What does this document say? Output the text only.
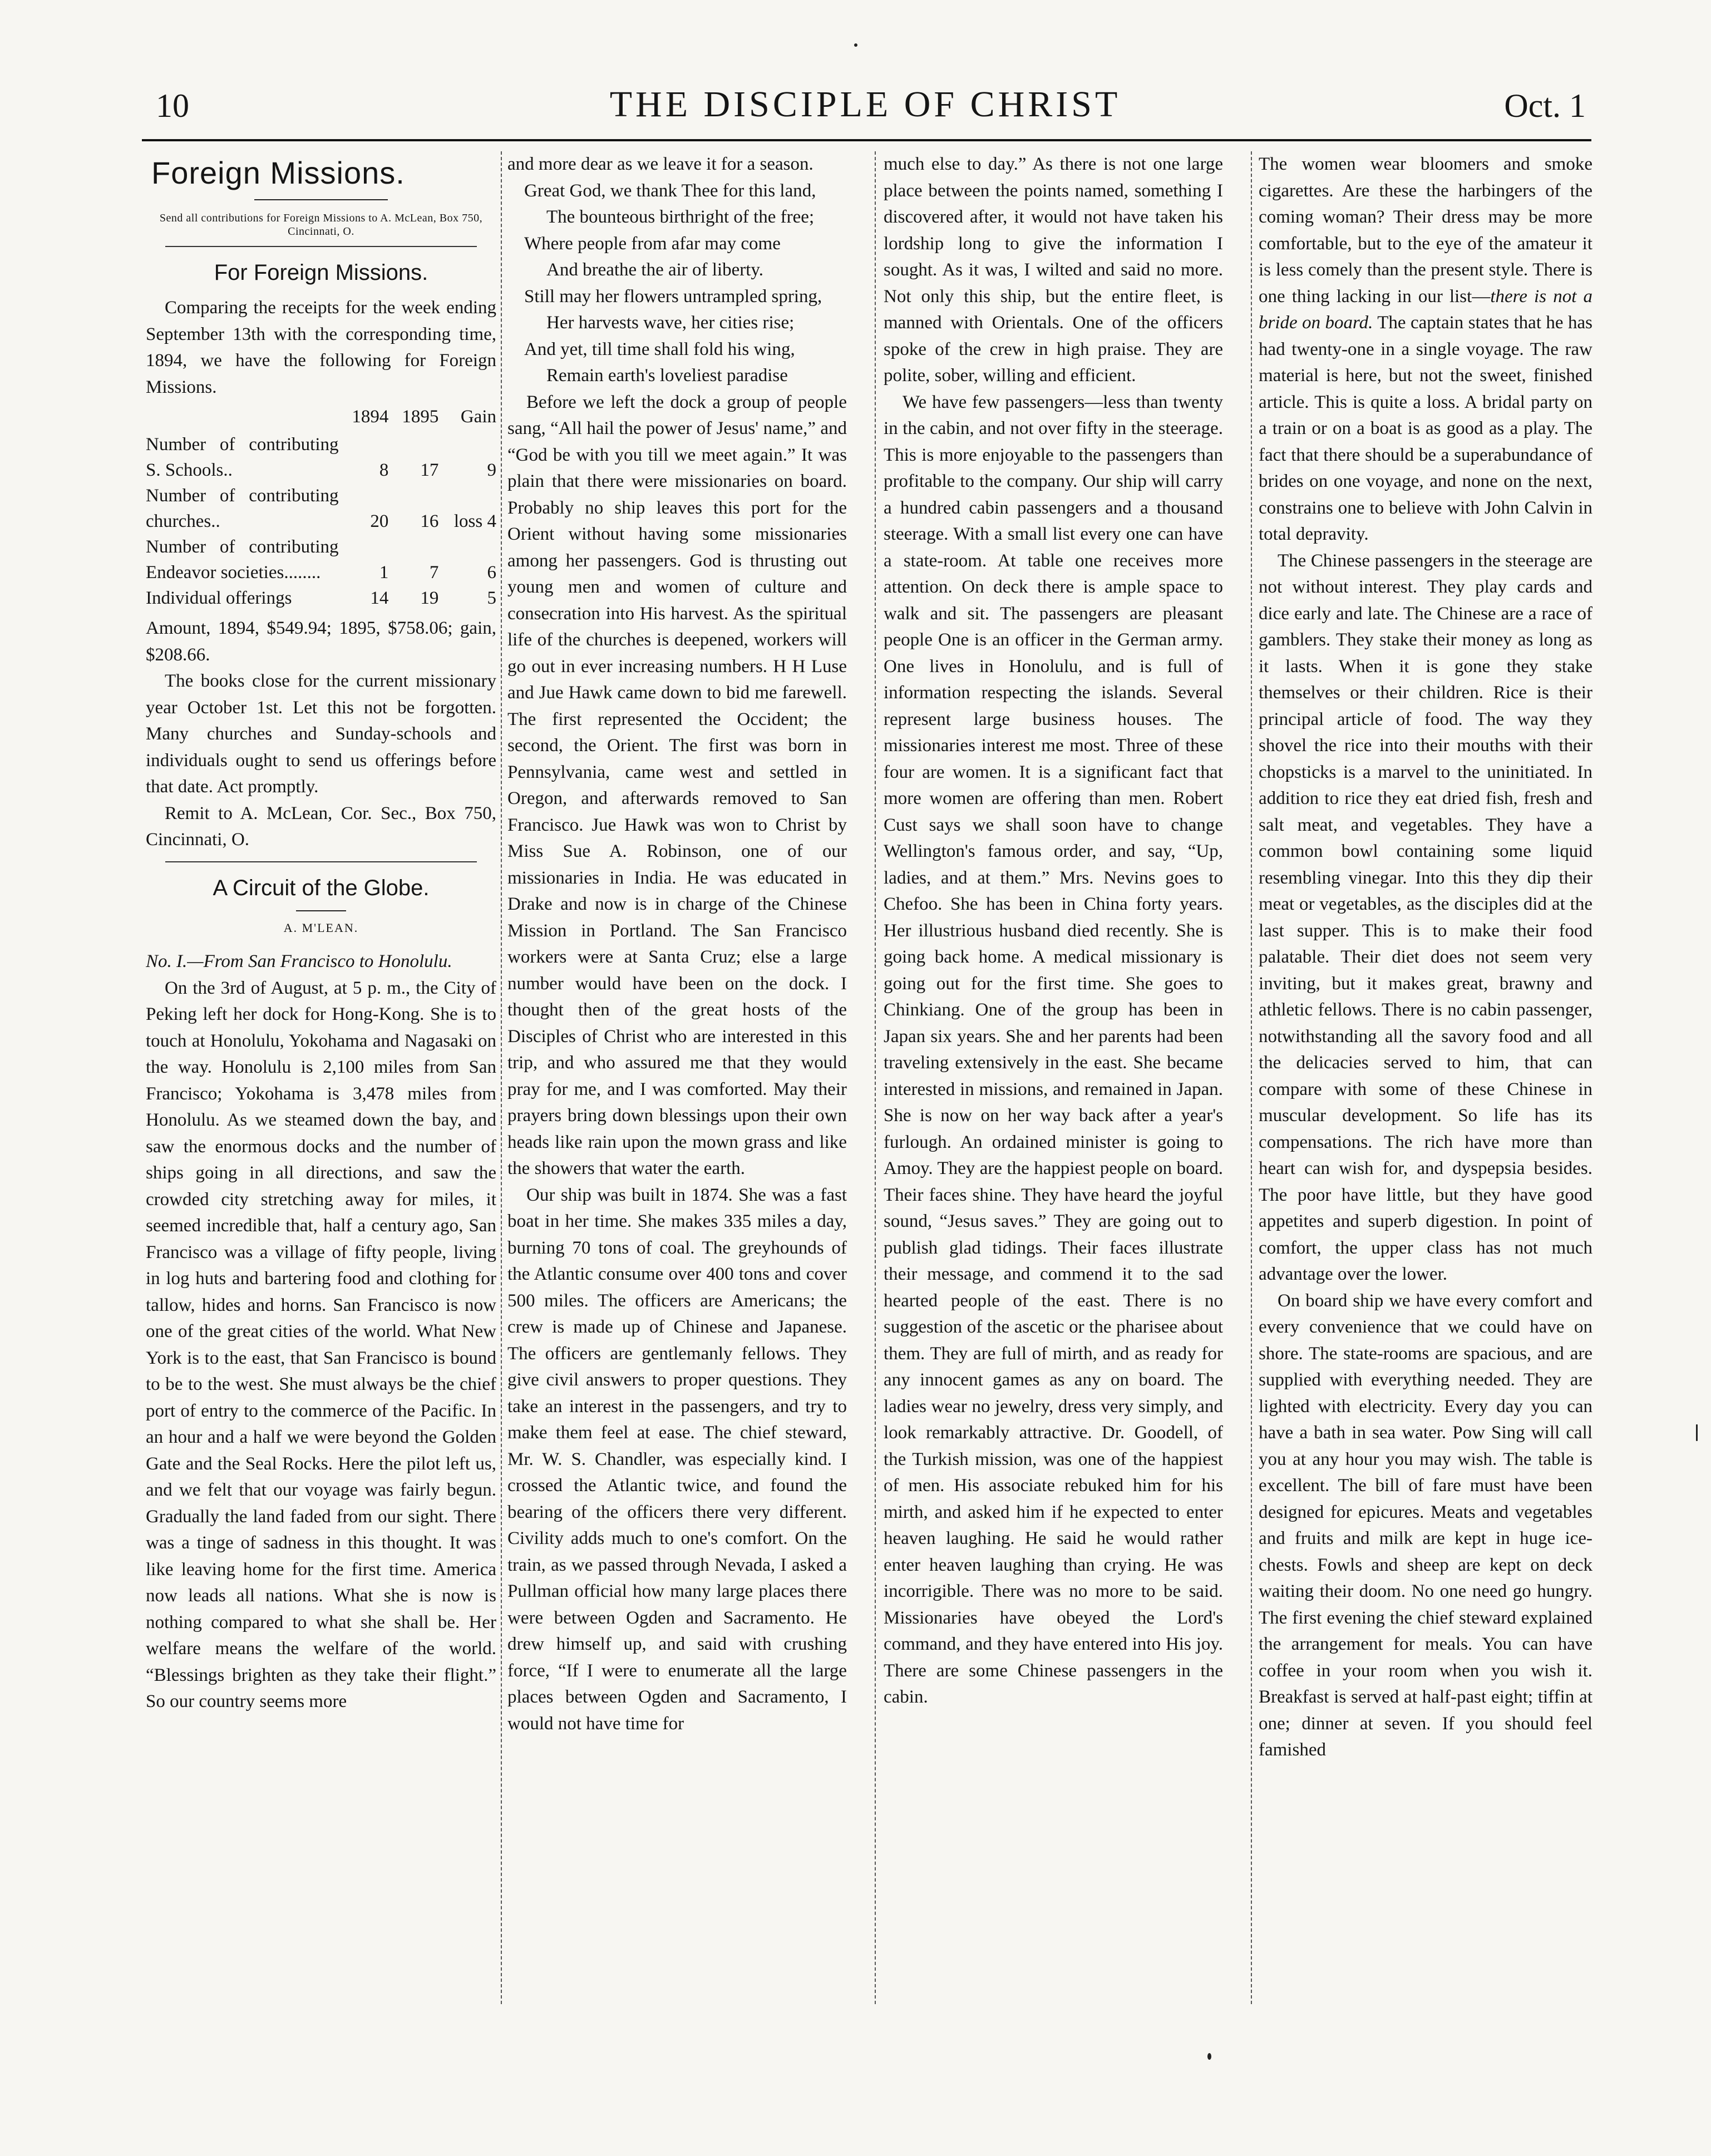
10	THE DISCIPLE OF CHRIST	Oct. 1
Foreign Missions.

Send all contributions for Foreign Missions to A. McLean, Box 750, Cincinnati, O.

For Foreign Missions.

Comparing the receipts for the week ending September 13th with the corresponding time, 1894, we have the following for Foreign Missions.

	1894	1895	Gain
Number of contributing S. Schools..	8	17	9
Number of contributing churches..	20	16	loss 4
Number of contributing Endeavor societies........	1	7	6
Individual offerings	14	19	5

Amount, 1894, $549.94; 1895, $758.06; gain, $208.66.

The books close for the current missionary year October 1st. Let this not be forgotten. Many churches and Sunday-schools and individuals ought to send us offerings before that date. Act promptly.

Remit to A. McLean, Cor. Sec., Box 750, Cincinnati, O.

A Circuit of the Globe.
A. M'LEAN.

No. I.—From San Francisco to Honolulu.

On the 3rd of August, at 5 p. m., the City of Peking left her dock for Hong-Kong. She is to touch at Honolulu, Yokohama and Nagasaki on the way. Honolulu is 2,100 miles from San Francisco; Yokohama is 3,478 miles from Honolulu. As we steamed down the bay, and saw the enormous docks and the number of ships going in all directions, and saw the crowded city stretching away for miles, it seemed incredible that, half a century ago, San Francisco was a village of fifty people, living in log huts and bartering food and clothing for tallow, hides and horns. San Francisco is now one of the great cities of the world. What New York is to the east, that San Francisco is bound to be to the west. She must always be the chief port of entry to the commerce of the Pacific. In an hour and a half we were beyond the Golden Gate and the Seal Rocks. Here the pilot left us, and we felt that our voyage was fairly begun. Gradually the land faded from our sight. There was a tinge of sadness in this thought. It was like leaving home for the first time. America now leads all nations. What she is now is nothing compared to what she shall be. Her welfare means the welfare of the world. “Blessings brighten as they take their flight.” So our country seems more

and more dear as we leave it for a season.

Great God, we thank Thee for this land,

The bounteous birthright of the free;

Where people from afar may come

And breathe the air of liberty.

Still may her flowers untrampled spring,

Her harvests wave, her cities rise;

And yet, till time shall fold his wing,

Remain earth's loveliest paradise

Before we left the dock a group of people sang, “All hail the power of Jesus' name,” and “God be with you till we meet again.” It was plain that there were missionaries on board. Probably no ship leaves this port for the Orient without having some missionaries among her passengers. God is thrusting out young men and women of culture and consecration into His harvest. As the spiritual life of the churches is deepened, workers will go out in ever increasing numbers. H H Luse and Jue Hawk came down to bid me farewell. The first represented the Occident; the second, the Orient. The first was born in Pennsylvania, came west and settled in Oregon, and afterwards removed to San Francisco. Jue Hawk was won to Christ by Miss Sue A. Robinson, one of our missionaries in India. He was educated in Drake and now is in charge of the Chinese Mission in Portland. The San Francisco workers were at Santa Cruz; else a large number would have been on the dock. I thought then of the great hosts of the Disciples of Christ who are interested in this trip, and who assured me that they would pray for me, and I was comforted. May their prayers bring down blessings upon their own heads like rain upon the mown grass and like the showers that water the earth.

Our ship was built in 1874. She was a fast boat in her time. She makes 335 miles a day, burning 70 tons of coal. The greyhounds of the Atlantic consume over 400 tons and cover 500 miles. The officers are Americans; the crew is made up of Chinese and Japanese. The officers are gentlemanly fellows. They give civil answers to proper questions. They take an interest in the passengers, and try to make them feel at ease. The chief steward, Mr. W. S. Chandler, was especially kind. I crossed the Atlantic twice, and found the bearing of the officers there very different. Civility adds much to one's comfort. On the train, as we passed through Nevada, I asked a Pullman official how many large places there were between Ogden and Sacramento. He drew himself up, and said with crushing force, “If I were to enumerate all the large places between Ogden and Sacramento, I would not have time for

much else to day.” As there is not one large place between the points named, something I discovered after, it would not have taken his lordship long to give the information I sought. As it was, I wilted and said no more. Not only this ship, but the entire fleet, is manned with Orientals. One of the officers spoke of the crew in high praise. They are polite, sober, willing and efficient.

We have few passengers—less than twenty in the cabin, and not over fifty in the steerage. This is more enjoyable to the passengers than profitable to the company. Our ship will carry a hundred cabin passengers and a thousand steerage. With a small list every one can have a state-room. At table one receives more attention. On deck there is ample space to walk and sit. The passengers are pleasant people One is an officer in the German army. One lives in Honolulu, and is full of information respecting the islands. Several represent large business houses. The missionaries interest me most. Three of these four are women. It is a significant fact that more women are offering than men. Robert Cust says we shall soon have to change Wellington's famous order, and say, “Up, ladies, and at them.” Mrs. Nevins goes to Chefoo. She has been in China forty years. Her illustrious husband died recently. She is going back home. A medical missionary is going out for the first time. She goes to Chinkiang. One of the group has been in Japan six years. She and her parents had been traveling extensively in the east. She became interested in missions, and remained in Japan. She is now on her way back after a year's furlough. An ordained minister is going to Amoy. They are the happiest people on board. Their faces shine. They have heard the joyful sound, “Jesus saves.” They are going out to publish glad tidings. Their faces illustrate their message, and commend it to the sad hearted people of the east. There is no suggestion of the ascetic or the pharisee about them. They are full of mirth, and as ready for any innocent games as any on board. The ladies wear no jewelry, dress very simply, and look remarkably attractive. Dr. Goodell, of the Turkish mission, was one of the happiest of men. His associate rebuked him for his mirth, and asked him if he expected to enter heaven laughing. He said he would rather enter heaven laughing than crying. He was incorrigible. There was no more to be said. Missionaries have obeyed the Lord's command, and they have entered into His joy. There are some Chinese passengers in the cabin.

The women wear bloomers and smoke cigarettes. Are these the harbingers of the coming woman? Their dress may be more comfortable, but to the eye of the amateur it is less comely than the present style. There is one thing lacking in our list—there is not a bride on board. The captain states that he has had twenty-one in a single voyage. The raw material is here, but not the sweet, finished article. This is quite a loss. A bridal party on a train or on a boat is as good as a play. The fact that there should be a superabundance of brides on one voyage, and none on the next, constrains one to believe with John Calvin in total depravity.

The Chinese passengers in the steerage are not without interest. They play cards and dice early and late. The Chinese are a race of gamblers. They stake their money as long as it lasts. When it is gone they stake themselves or their children. Rice is their principal article of food. The way they shovel the rice into their mouths with their chopsticks is a marvel to the uninitiated. In addition to rice they eat dried fish, fresh and salt meat, and vegetables. They have a common bowl containing some liquid resembling vinegar. Into this they dip their meat or vegetables, as the disciples did at the last supper. This is to make their food palatable. Their diet does not seem very inviting, but it makes great, brawny and athletic fellows. There is no cabin passenger, notwithstanding all the savory food and all the delicacies served to him, that can compare with some of these Chinese in muscular development. So life has its compensations. The rich have more than heart can wish for, and dyspepsia besides. The poor have little, but they have good appetites and superb digestion. In point of comfort, the upper class has not much advantage over the lower.

On board ship we have every comfort and every convenience that we could have on shore. The state-rooms are spacious, and are supplied with everything needed. They are lighted with electricity. Every day you can have a bath in sea water. Pow Sing will call you at any hour you may wish. The table is excellent. The bill of fare must have been designed for epicures. Meats and vegetables and fruits and milk are kept in huge ice-chests. Fowls and sheep are kept on deck waiting their doom. No one need go hungry. The first evening the chief steward explained the arrangement for meals. You can have coffee in your room when you wish it. Breakfast is served at half-past eight; tiffin at one; dinner at seven. If you should feel famished
